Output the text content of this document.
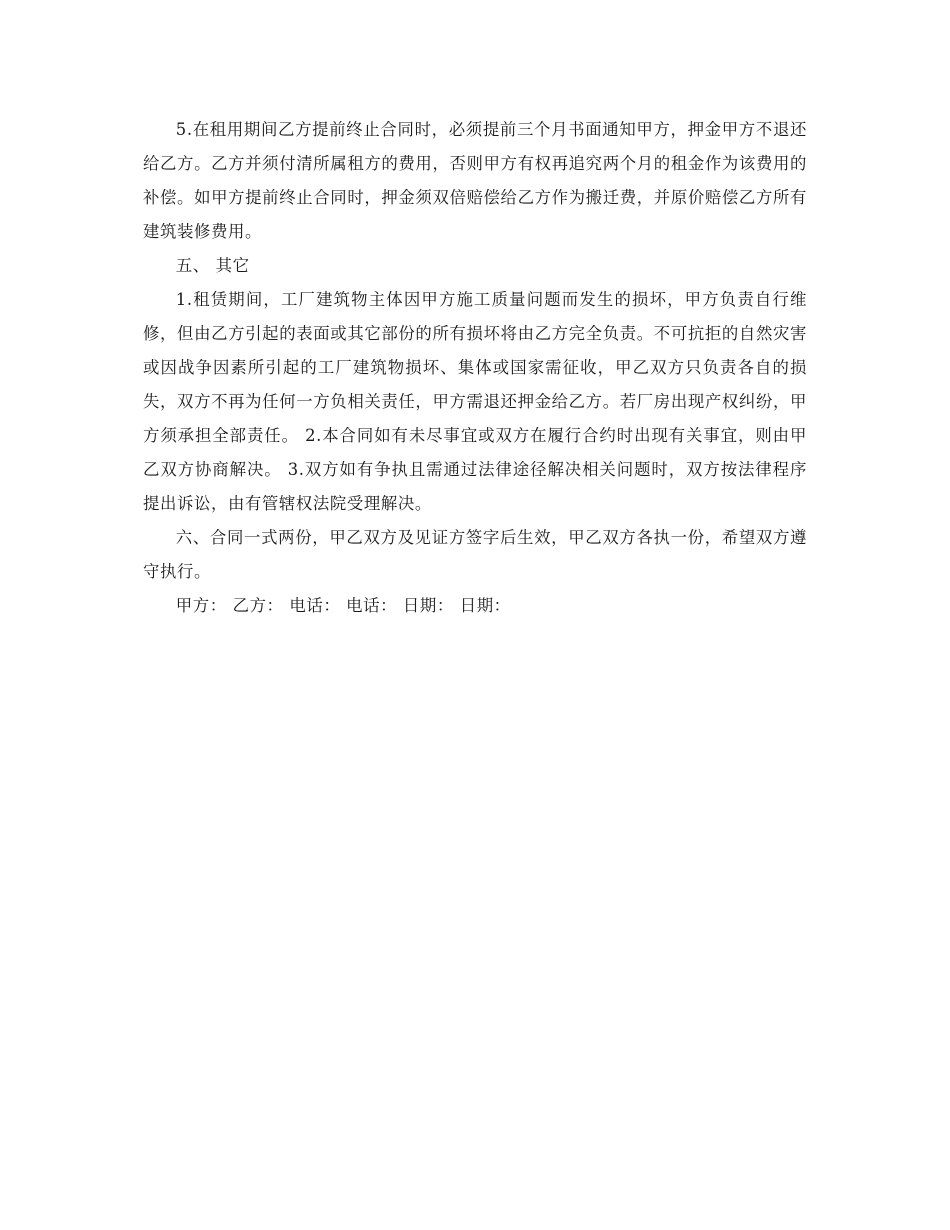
5.在租用期间乙方提前终止合同时，必须提前三个月书面通知甲方，押金甲方不退还给乙方。乙方并须付清所属租方的费用，否则甲方有权再追究两个月的租金作为该费用的补偿。如甲方提前终止合同时，押金须双倍赔偿给乙方作为搬迁费，并原价赔偿乙方所有建筑装修费用。

五、 其它

1.租赁期间，工厂建筑物主体因甲方施工质量问题而发生的损坏，甲方负责自行维修，但由乙方引起的表面或其它部份的所有损坏将由乙方完全负责。不可抗拒的自然灾害或因战争因素所引起的工厂建筑物损坏、集体或国家需征收，甲乙双方只负责各自的损失，双方不再为任何一方负相关责任，甲方需退还押金给乙方。若厂房出现产权纠纷，甲方须承担全部责任。 2.本合同如有未尽事宜或双方在履行合约时出现有关事宜，则由甲乙双方协商解决。 3.双方如有争执且需通过法律途径解决相关问题时，双方按法律程序提出诉讼，由有管辖权法院受理解决。

六、合同一式两份，甲乙双方及见证方签字后生效，甲乙双方各执一份，希望双方遵守执行。

甲方： 乙方： 电话： 电话： 日期： 日期：
